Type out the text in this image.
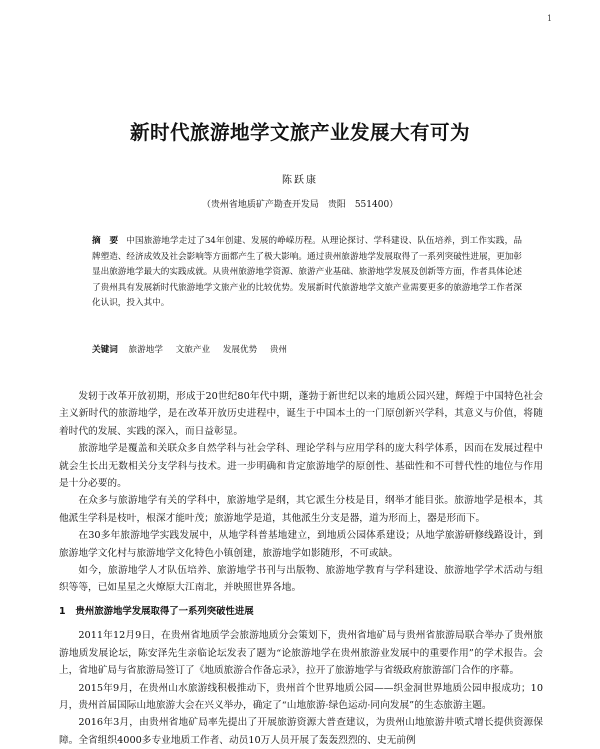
1
新时代旅游地学文旅产业发展大有可为
陈跃康
（贵州省地质矿产勘查开发局　贵阳　551400）
摘　要 中国旅游地学走过了34年创建、发展的峥嵘历程。从理论探讨、学科建设、队伍培养，到工作实践，品牌塑造、经济成效及社会影响等方面都产生了极大影响。通过贵州旅游地学发展取得了一系列突破性进展，更加彰显出旅游地学最大的实践成就。从贵州旅游地学资源、旅游产业基础、旅游地学发展及创新等方面，作者具体论述了贵州具有发展新时代旅游地学文旅产业的比较优势。发展新时代旅游地学文旅产业需要更多的旅游地学工作者深化认识，投入其中。
关键词 旅游地学 文旅产业 发展优势 贵州

发轫于改革开放初期，形成于20世纪80年代中期，蓬勃于新世纪以来的地质公园兴建，辉煌于中国特色社会主义新时代的旅游地学，是在改革开放历史进程中，诞生于中国本土的一门原创新兴学科，其意义与价值，将随着时代的发展、实践的深入，而日益彰显。

旅游地学是覆盖和关联众多自然学科与社会学科、理论学科与应用学科的庞大科学体系，因而在发展过程中就会生长出无数相关分支学科与技术。进一步明确和肯定旅游地学的原创性、基础性和不可替代性的地位与作用是十分必要的。

在众多与旅游地学有关的学科中，旅游地学是纲，其它派生分枝是目，纲举才能目张。旅游地学是根本，其他派生学科是枝叶，根深才能叶茂；旅游地学是道，其他派生分支是器，道为形而上，器是形而下。

在30多年旅游地学实践发展中，从地学科普基地建立，到地质公园体系建设；从地学旅游研修线路设计，到旅游地学文化村与旅游地学文化特色小镇创建，旅游地学如影随形，不可或缺。

如今，旅游地学人才队伍培养、旅游地学书刊与出版物、旅游地学教育与学科建设、旅游地学学术活动与组织等等，已如星星之火燎原大江南北，并映照世界各地。

1 贵州旅游地学发展取得了一系列突破性进展

2011年12月9日，在贵州省地质学会旅游地质分会策划下，贵州省地矿局与贵州省旅游局联合举办了贵州旅游地质发展论坛，陈安泽先生亲临论坛发表了题为“论旅游地学在贵州旅游业发展中的重要作用”的学术报告。会上，省地矿局与省旅游局签订了《地质旅游合作备忘录》，拉开了旅游地学与省级政府旅游部门合作的序幕。

2015年9月，在贵州山水旅游线积极推动下，贵州首个世界地质公园——织金洞世界地质公园申报成功；10月，贵州首届国际山地旅游大会在兴义举办，确定了“山地旅游·绿色运动·同向发展”的生态旅游主题。

2016年3月，由贵州省地矿局率先提出了开展旅游资源大普查建议，为贵州山地旅游井喷式增长提供资源保障。全省组织4000多专业地质工作者、动员10万人员开展了轰轰烈烈的、史无前例
